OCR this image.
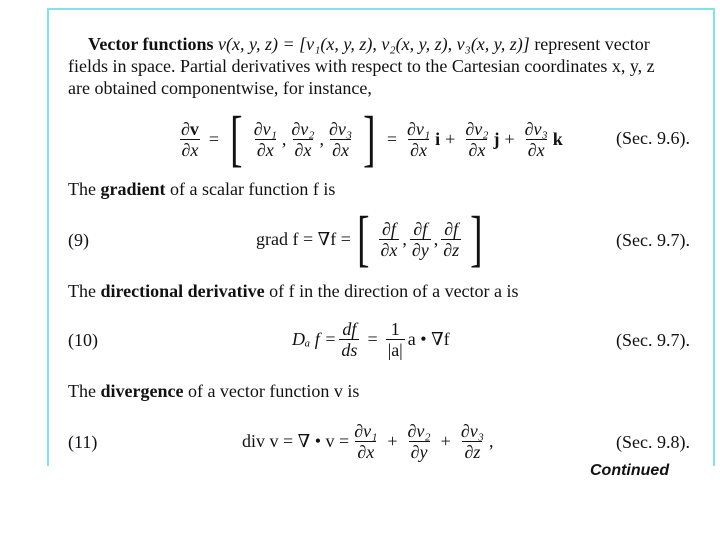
Vector functions v(x, y, z) = [v₁(x, y, z), v₂(x, y, z), v₃(x, y, z)] represent vector
fields in space. Partial derivatives with respect to the Cartesian coordinates x, y, z
are obtained componentwise, for instance,
$\frac{\partial v}{\partial x}$ = [ $\frac{\text{∂v₁}}{\partial x}$ , $\frac{\text{∂v₂}}{\partial x}$ , $\frac{\text{∂v₃}}{\partial x}$ ] = $\frac{\text{∂v₁}}{\partial x}$ $i + \frac{\text{∂v₂}}{\partial x}$ $j + \frac{\text{∂v₃}}{\partial x}$ k	(Sec. 9.6).
The gradient of a scalar function f is
(9)	grad f = ∇f = [ $\frac{\partial f}{\partial x}$ , $\frac{\partial f}{\partial y}$ , $\frac{\partial f}{\partial z}$ ]	(Sec. 9.7).
The directional derivative of f in the direction of a vector a is
(10)	Dₐ $f = \frac{df}{ds} = \frac{1}{|a|}$ a • ∇f	(Sec. 9.7).
The divergence of a vector function v is
(11)	div v = ∇ • $v = \frac{\text{∂v₁}}{\partial x} + \frac{\text{∂v₂}}{\partial y} + \frac{\text{∂v₃}}{\partial z}$ ,	(Sec. 9.8).
Continued
